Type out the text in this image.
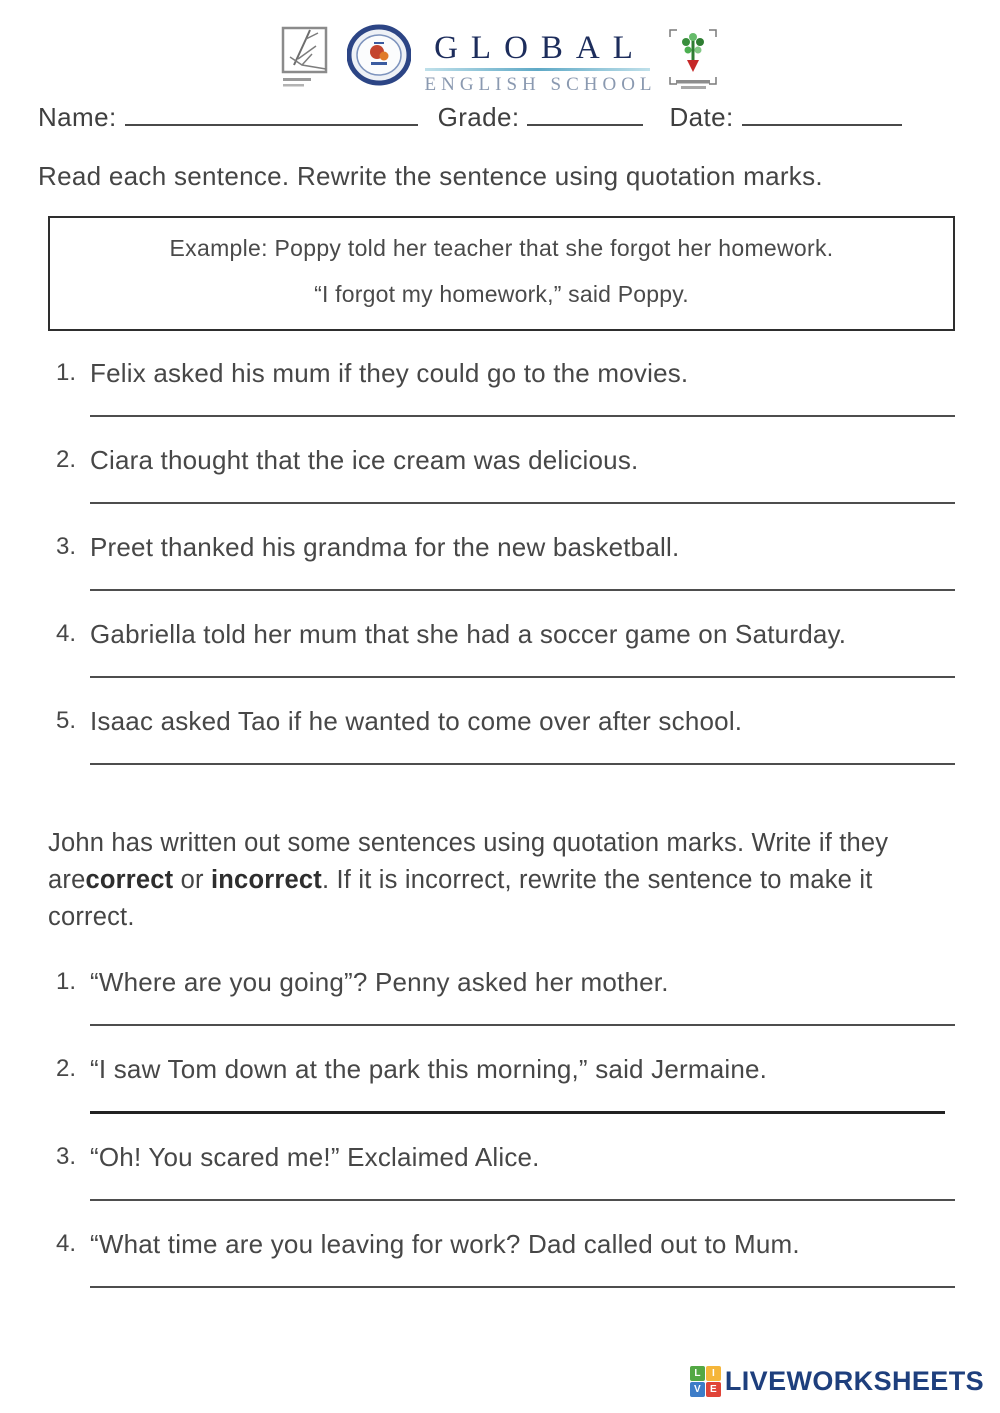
GLOBAL
ENGLISH SCHOOL
Name:	Grade:	Date:

Read each sentence. Rewrite the sentence using quotation marks.

Example: Poppy told her teacher that she forgot her homework.

“I forgot my homework,” said Poppy.

1. Felix asked his mum if they could go to the movies.
2. Ciara thought that the ice cream was delicious.
3. Preet thanked his grandma for the new basketball.
4. Gabriella told her mum that she had a soccer game on Saturday.
5. Isaac asked Tao if he wanted to come over after school.

John has written out some sentences using quotation marks. Write if they arecorrect or incorrect. If it is incorrect, rewrite the sentence to make it correct.

1. “Where are you going”? Penny asked her mother.
2. “I saw Tom down at the park this morning,” said Jermaine.
3. “Oh! You scared me!” Exclaimed Alice.
4. “What time are you leaving for work? Dad called out to Mum.
L	I
V E LIVEWORKSHEETS
